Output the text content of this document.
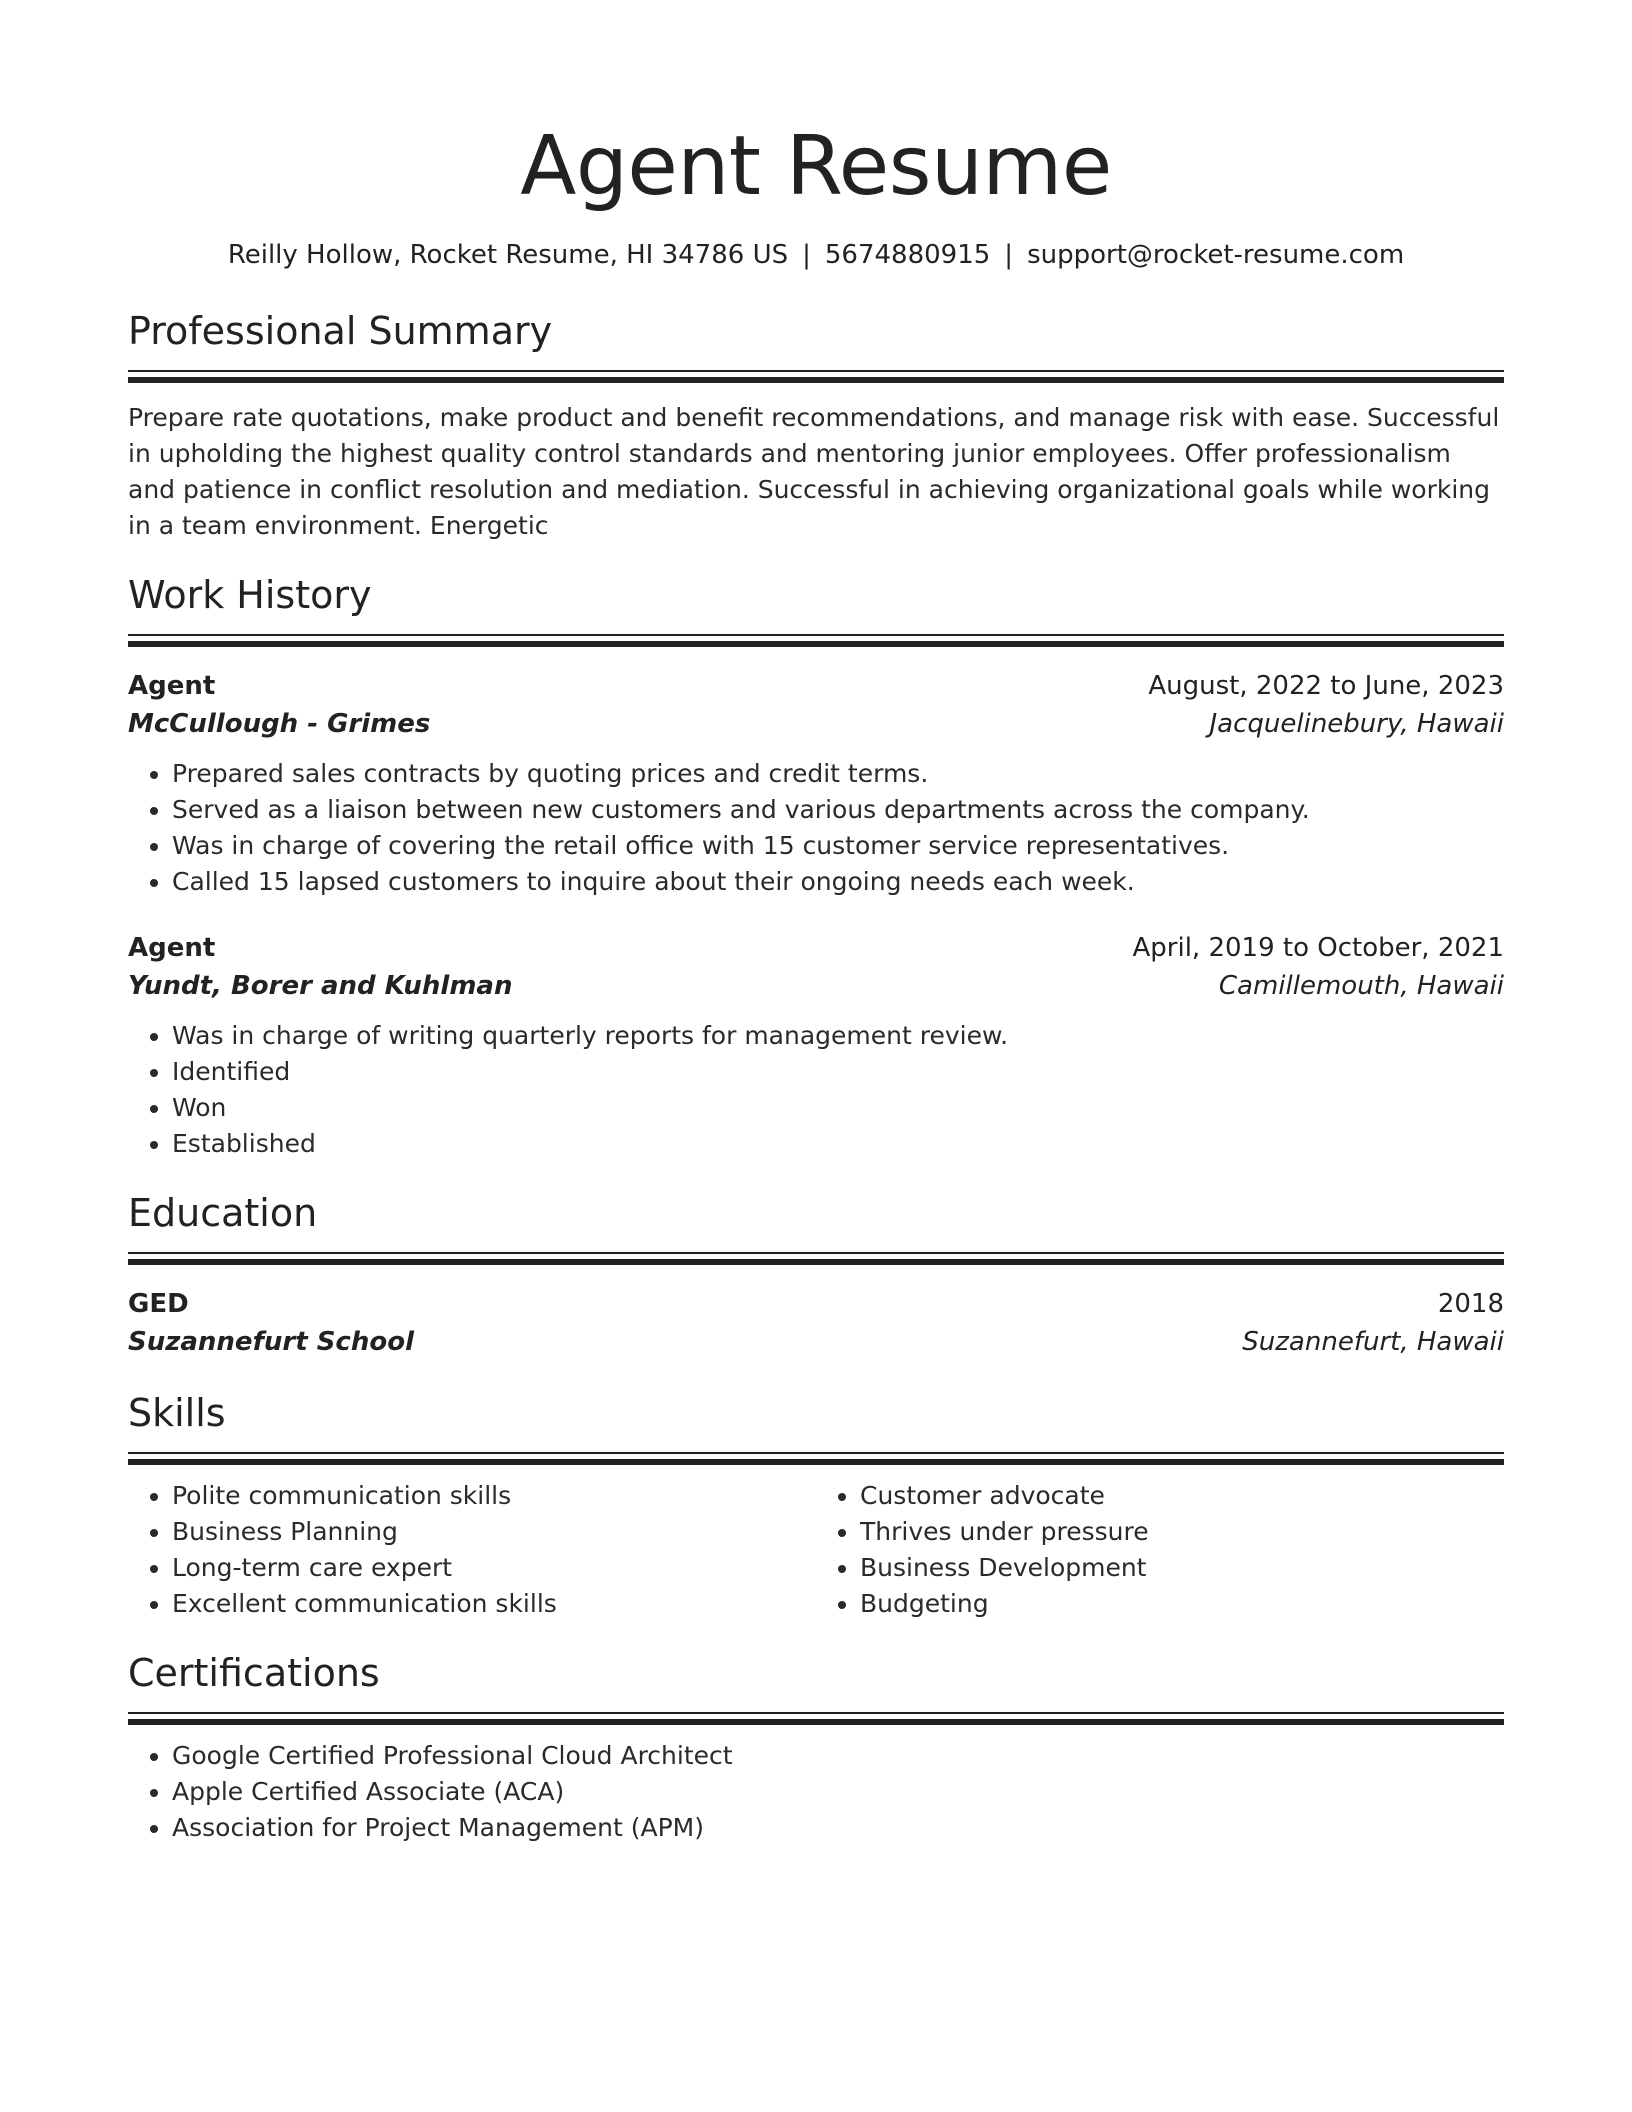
Agent Resume
Reilly Hollow, Rocket Resume, HI 34786 US | 5674880915 | support@rocket-resume.com
Professional Summary

Prepare rate quotations, make product and benefit recommendations, and manage risk with ease. Successful in upholding the highest quality control standards and mentoring junior employees. Offer professionalism and patience in conflict resolution and mediation. Successful in achieving organizational goals while working in a team environment. Energetic

Work History
Agent	August, 2022 to June, 2023
McCullough - Grimes	Jacquelinebury, Hawaii
• Prepared sales contracts by quoting prices and credit terms.
• Served as a liaison between new customers and various departments across the company.
• Was in charge of covering the retail office with 15 customer service representatives.
• Called 15 lapsed customers to inquire about their ongoing needs each week.
Agent	April, 2019 to October, 2021
Yundt, Borer and Kuhlman	Camillemouth, Hawaii
• Was in charge of writing quarterly reports for management review.
• Identified
• Won
• Established
Education
GED	2018
Suzannefurt School	Suzannefurt, Hawaii
Skills
• Polite communication skills
• Business Planning
• Long-term care expert
• Excellent communication skills
• Customer advocate
• Thrives under pressure
• Business Development
• Budgeting
Certifications
• Google Certified Professional Cloud Architect
• Apple Certified Associate (ACA)
• Association for Project Management (APM)
